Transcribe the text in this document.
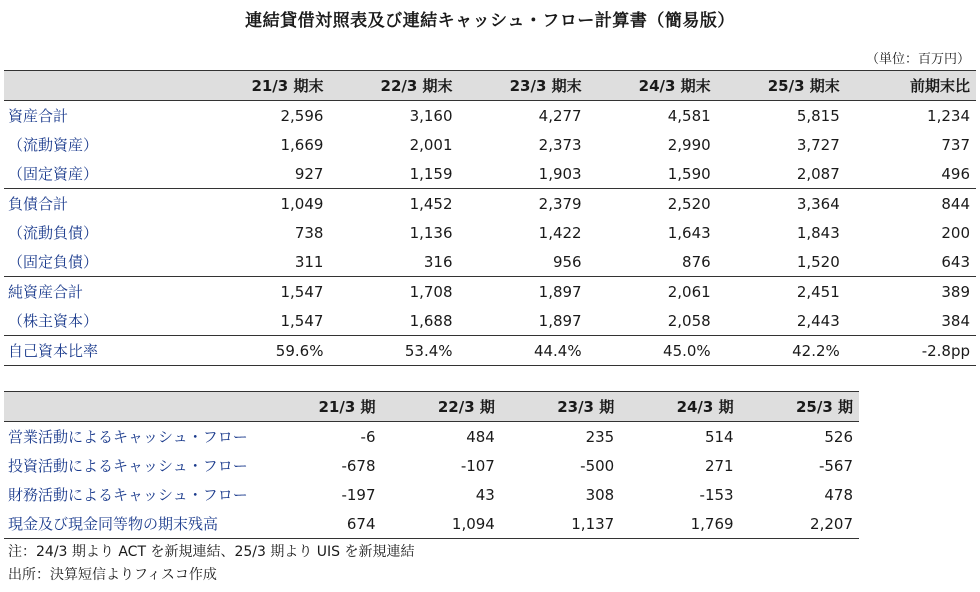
連結貸借対照表及び連結キャッシュ・フロー計算書（簡易版）
（単位：百万円）
	21/3 期末	22/3 期末	23/3 期末	24/3 期末	25/3 期末	前期末比
資産合計	2,596	3,160	4,277	4,581	5,815	1,234
（流動資産）	1,669	2,001	2,373	2,990	3,727	737
（固定資産）	927	1,159	1,903	1,590	2,087	496
負債合計	1,049	1,452	2,379	2,520	3,364	844
（流動負債）	738	1,136	1,422	1,643	1,843	200
（固定負債）	311	316	956	876	1,520	643
純資産合計	1,547	1,708	1,897	2,061	2,451	389
（株主資本）	1,547	1,688	1,897	2,058	2,443	384
自己資本比率	59.6%	53.4%	44.4%	45.0%	42.2%	-2.8pp
	21/3 期	22/3 期	23/3 期	24/3 期	25/3 期
営業活動によるキャッシュ・フロー	-6	484	235	514	526
投資活動によるキャッシュ・フロー	-678	-107	-500	271	-567
財務活動によるキャッシュ・フロー	-197	43	308	-153	478
現金及び現金同等物の期末残高	674	1,094	1,137	1,769	2,207
注：24/3 期より ACT を新規連結、25/3 期より UIS を新規連結
出所：決算短信よりフィスコ作成
